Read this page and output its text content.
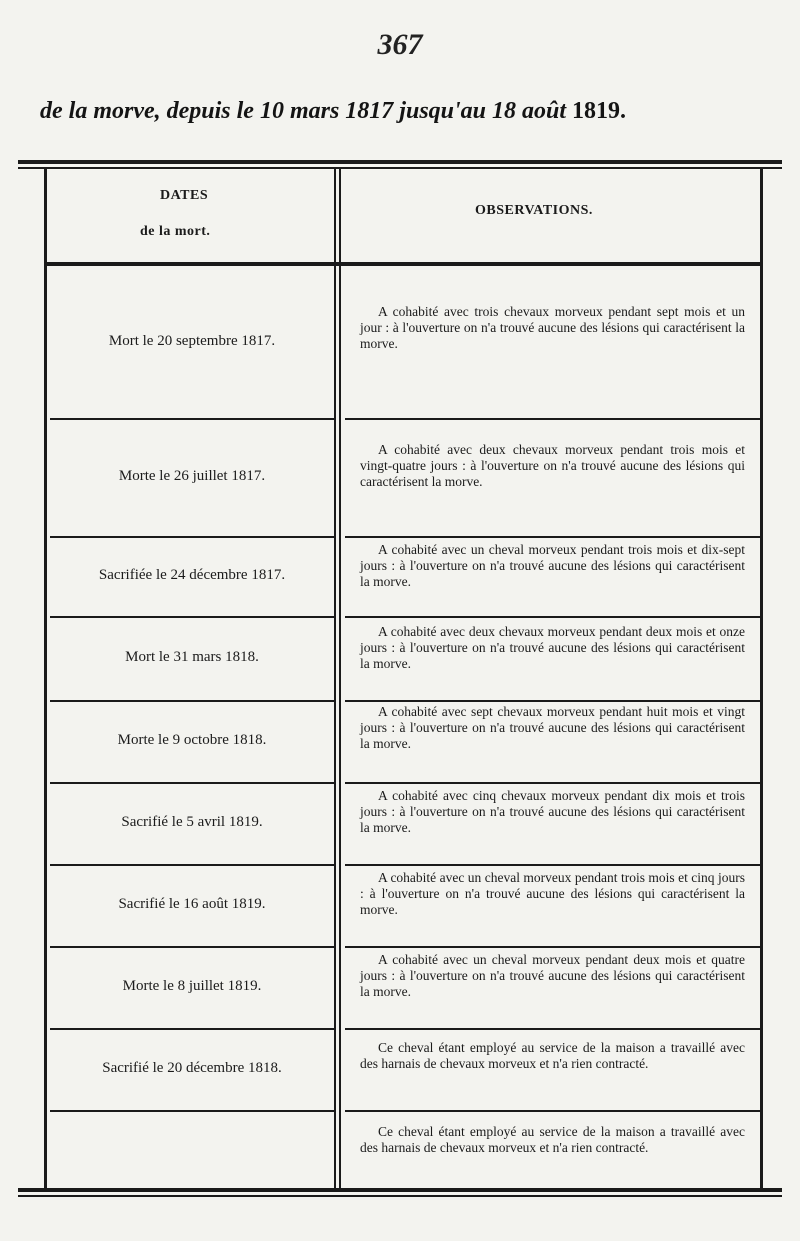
367
de la morve, depuis le 10 mars 1817 jusqu'au 18 août 1819.
DATES
de la mort.
OBSERVATIONS.
Mort le 20 septembre 1817.
A cohabité avec trois chevaux morveux pendant sept mois et un jour : à l'ouverture on n'a trouvé aucune des lésions qui caractérisent la morve.
Morte le 26 juillet 1817.
A cohabité avec deux chevaux morveux pendant trois mois et vingt-quatre jours : à l'ouverture on n'a trouvé aucune des lésions qui caractérisent la morve.
Sacrifiée le 24 décembre 1817.
A cohabité avec un cheval morveux pendant trois mois et dix-sept jours : à l'ouverture on n'a trouvé aucune des lésions qui caractérisent la morve.
Mort le 31 mars 1818.
A cohabité avec deux chevaux morveux pendant deux mois et onze jours : à l'ouverture on n'a trouvé aucune des lésions qui caractérisent la morve.
Morte le 9 octobre 1818.
A cohabité avec sept chevaux morveux pendant huit mois et vingt jours : à l'ouverture on n'a trouvé aucune des lésions qui caractérisent la morve.
Sacrifié le 5 avril 1819.
A cohabité avec cinq chevaux morveux pendant dix mois et trois jours : à l'ouverture on n'a trouvé aucune des lésions qui caractérisent la morve.
Sacrifié le 16 août 1819.
A cohabité avec un cheval morveux pendant trois mois et cinq jours : à l'ouverture on n'a trouvé aucune des lésions qui caractérisent la morve.
Morte le 8 juillet 1819.
A cohabité avec un cheval morveux pendant deux mois et quatre jours : à l'ouverture on n'a trouvé aucune des lésions qui caractérisent la morve.
Sacrifié le 20 décembre 1818.
Ce cheval étant employé au service de la maison a travaillé avec des harnais de chevaux morveux et n'a rien contracté.
Ce cheval étant employé au service de la maison a travaillé avec des harnais de chevaux morveux et n'a rien contracté.
